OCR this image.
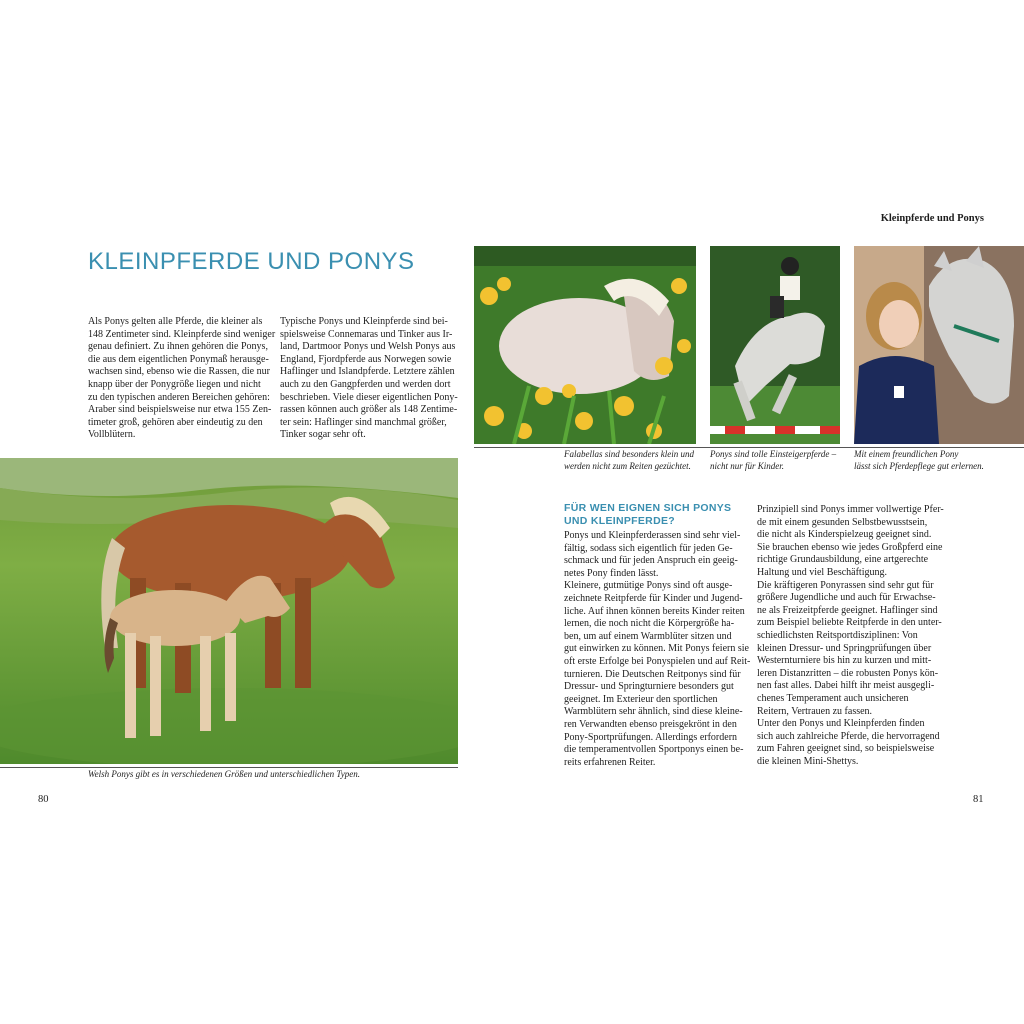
Kleinpferde und Ponys
KLEINPFERDE UND PONYS

Als Ponys gelten alle Pferde, die kleiner als

148 Zentimeter sind. Kleinpferde sind weniger

genau definiert. Zu ihnen gehören die Ponys,

die aus dem eigentlichen Ponymaß herausge-

wachsen sind, ebenso wie die Rassen, die nur

knapp über der Ponygröße liegen und nicht

zu den typischen anderen Bereichen gehören:

Araber sind beispielsweise nur etwa 155 Zen-

timeter groß, gehören aber eindeutig zu den

Vollblütern.

Typische Ponys und Kleinpferde sind bei-

spielsweise Connemaras und Tinker aus Ir-

land, Dartmoor Ponys und Welsh Ponys aus

England, Fjordpferde aus Norwegen sowie

Haflinger und Islandpferde. Letztere zählen

auch zu den Gangpferden und werden dort

beschrieben. Viele dieser eigentlichen Pony-

rassen können auch größer als 148 Zentime-

ter sein: Haflinger sind manchmal größer,

Tinker sogar sehr oft.

Welsh Ponys gibt es in verschiedenen Größen und unterschiedlichen Typen.
Falabellas sind besonders klein und
werden nicht zum Reiten gezüchtet.
Ponys sind tolle Einsteigerpferde –
nicht nur für Kinder.
Mit einem freundlichen Pony
lässt sich Pferdepflege gut erlernen.
FÜR WEN EIGNEN SICH PONYS
UND KLEINPFERDE?

Ponys und Kleinpferderassen sind sehr viel-

fältig, sodass sich eigentlich für jeden Ge-

schmack und für jeden Anspruch ein geeig-

netes Pony finden lässt.

Kleinere, gutmütige Ponys sind oft ausge-

zeichnete Reitpferde für Kinder und Jugend-

liche. Auf ihnen können bereits Kinder reiten

lernen, die noch nicht die Körpergröße ha-

ben, um auf einem Warmblüter sitzen und

gut einwirken zu können. Mit Ponys feiern sie

oft erste Erfolge bei Ponyspielen und auf Reit-

turnieren. Die Deutschen Reitponys sind für

Dressur- und Springturniere besonders gut

geeignet. Im Exterieur den sportlichen

Warmblütern sehr ähnlich, sind diese kleine-

ren Verwandten ebenso preisgekrönt in den

Pony-Sportprüfungen. Allerdings erfordern

die temperamentvollen Sportponys einen be-

reits erfahrenen Reiter.

Prinzipiell sind Ponys immer vollwertige Pfer-

de mit einem gesunden Selbstbewusstsein,

die nicht als Kinderspielzeug geeignet sind.

Sie brauchen ebenso wie jedes Großpferd eine

richtige Grundausbildung, eine artgerechte

Haltung und viel Beschäftigung.

Die kräftigeren Ponyrassen sind sehr gut für

größere Jugendliche und auch für Erwachse-

ne als Freizeitpferde geeignet. Haflinger sind

zum Beispiel beliebte Reitpferde in den unter-

schiedlichsten Reitsportdisziplinen: Von

kleinen Dressur- und Springprüfungen über

Westernturniere bis hin zu kurzen und mitt-

leren Distanzritten – die robusten Ponys kön-

nen fast alles. Dabei hilft ihr meist ausgegli-

chenes Temperament auch unsicheren

Reitern, Vertrauen zu fassen.

Unter den Ponys und Kleinpferden finden

sich auch zahlreiche Pferde, die hervorragend

zum Fahren geeignet sind, so beispielsweise

die kleinen Mini-Shettys.

80	81
